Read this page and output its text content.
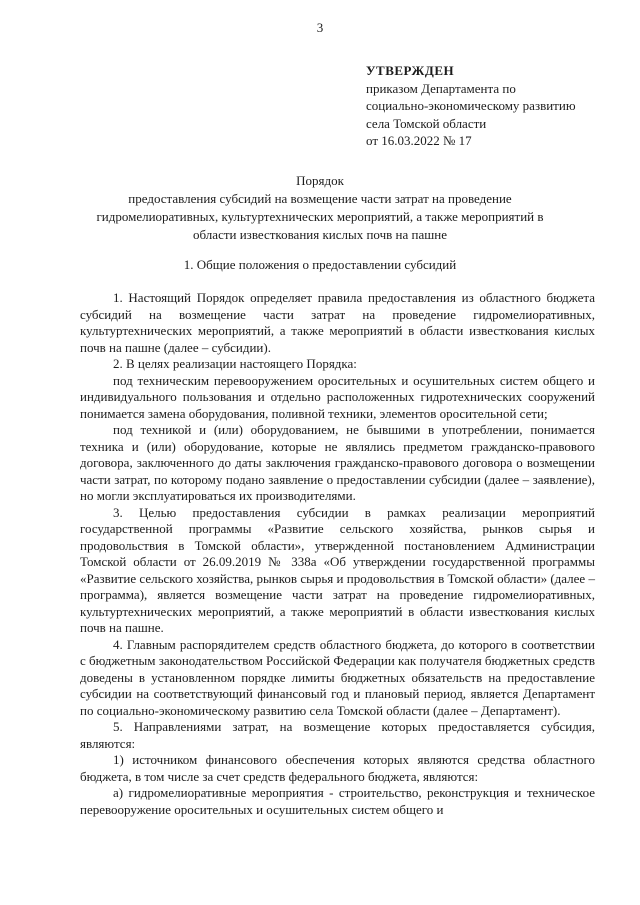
3
УТВЕРЖДЕН
приказом Департамента по
социально-экономическому развитию
села Томской области
от 16.03.2022 № 17
Порядок
предоставления субсидий на возмещение части затрат на проведение
гидромелиоративных, культуртехнических мероприятий, а также мероприятий в
области известкования кислых почв на пашне
1. Общие положения о предоставлении субсидий

1. Настоящий Порядок определяет правила предоставления из областного бюджета субсидий на возмещение части затрат на проведение гидромелиоративных, культуртехнических мероприятий, а также мероприятий в области известкования кислых почв на пашне (далее – субсидии).

2. В целях реализации настоящего Порядка:

под техническим перевооружением оросительных и осушительных систем общего и индивидуального пользования и отдельно расположенных гидротехнических сооружений понимается замена оборудования, поливной техники, элементов оросительной сети;

под техникой и (или) оборудованием, не бывшими в употреблении, понимается техника и (или) оборудование, которые не являлись предметом гражданско-правового договора, заключенного до даты заключения гражданско-правового договора о возмещении части затрат, по которому подано заявление о предоставлении субсидии (далее – заявление), но могли эксплуатироваться их производителями.

3. Целью предоставления субсидии в рамках реализации мероприятий государственной программы «Развитие сельского хозяйства, рынков сырья и продовольствия в Томской области», утвержденной постановлением Администрации Томской области от 26.09.2019 № 338а «Об утверждении государственной программы «Развитие сельского хозяйства, рынков сырья и продовольствия в Томской области» (далее – программа), является возмещение части затрат на проведение гидромелиоративных, культуртехнических мероприятий, а также мероприятий в области известкования кислых почв на пашне.

4. Главным распорядителем средств областного бюджета, до которого в соответствии с бюджетным законодательством Российской Федерации как получателя бюджетных средств доведены в установленном порядке лимиты бюджетных обязательств на предоставление субсидии на соответствующий финансовый год и плановый период, является Департамент по социально-экономическому развитию села Томской области (далее – Департамент).

5. Направлениями затрат, на возмещение которых предоставляется субсидия, являются:

1) источником финансового обеспечения которых являются средства областного бюджета, в том числе за счет средств федерального бюджета, являются:

а) гидромелиоративные мероприятия - строительство, реконструкция и техническое перевооружение оросительных и осушительных систем общего и
